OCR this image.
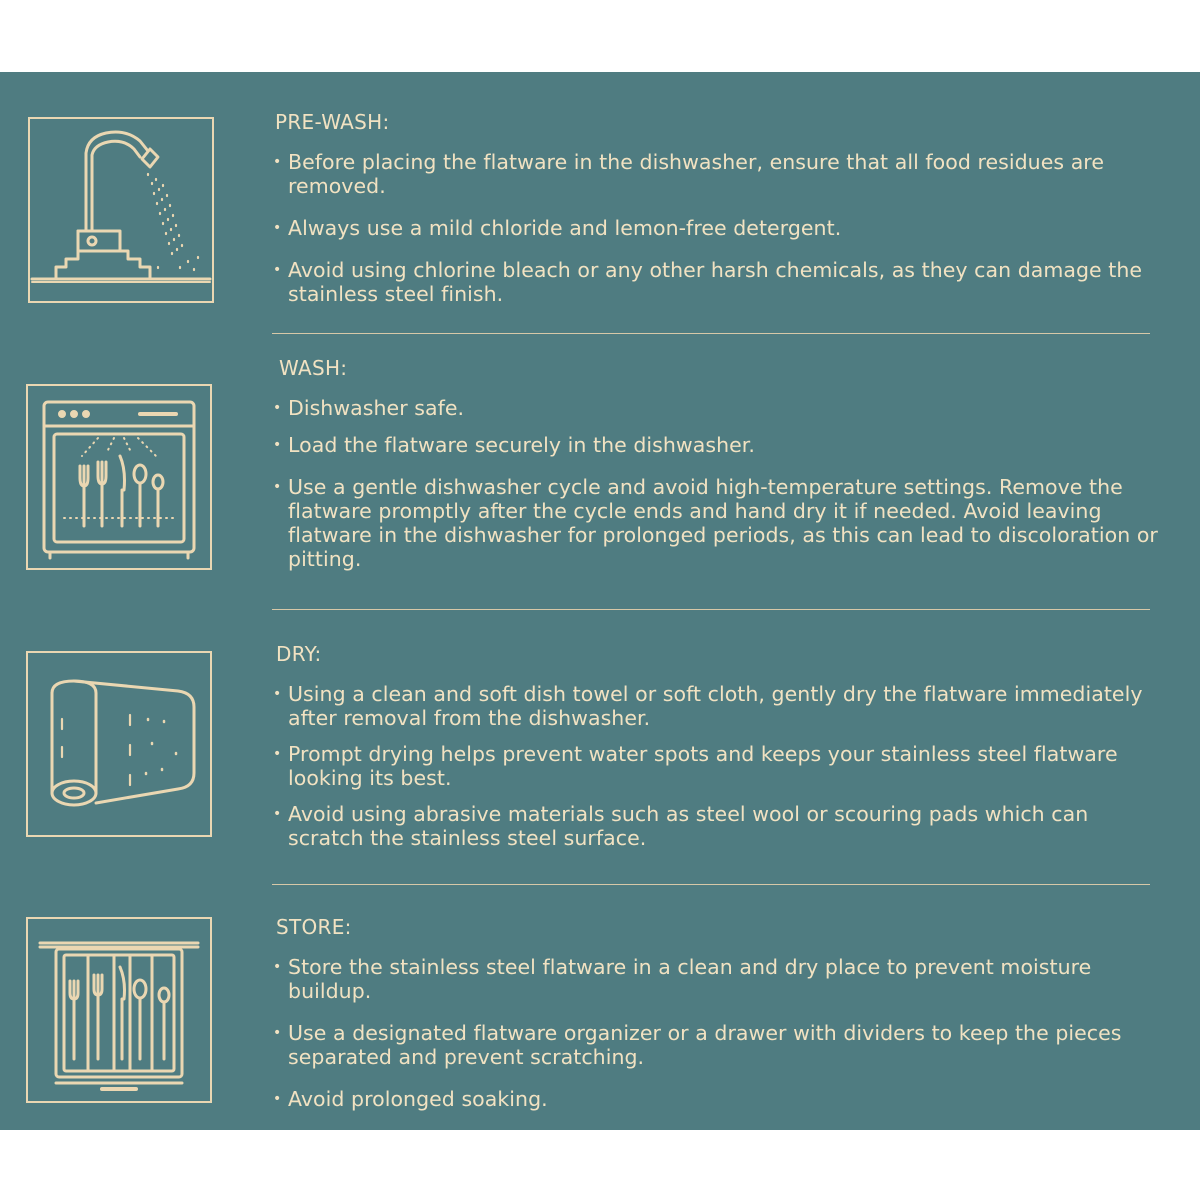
PRE-WASH:
• Before placing the flatware in the dishwasher, ensure that all food residues are removed.
• Always use a mild chloride and lemon-free detergent.
• Avoid using chlorine bleach or any other harsh chemicals, as they can damage the stainless steel finish.
WASH:
• Dishwasher safe.
• Load the flatware securely in the dishwasher.
• Use a gentle dishwasher cycle and avoid high-temperature settings. Remove the flatware promptly after the cycle ends and hand dry it if needed. Avoid leaving flatware in the dishwasher for prolonged periods, as this can lead to discoloration or pitting.
DRY:
• Using a clean and soft dish towel or soft cloth, gently dry the flatware immediately after removal from the dishwasher.
• Prompt drying helps prevent water spots and keeps your stainless steel flatware looking its best.
• Avoid using abrasive materials such as steel wool or scouring pads which can scratch the stainless steel surface.
STORE:
• Store the stainless steel flatware in a clean and dry place to prevent moisture buildup.
• Use a designated flatware organizer or a drawer with dividers to keep the pieces separated and prevent scratching.
• Avoid prolonged soaking.
